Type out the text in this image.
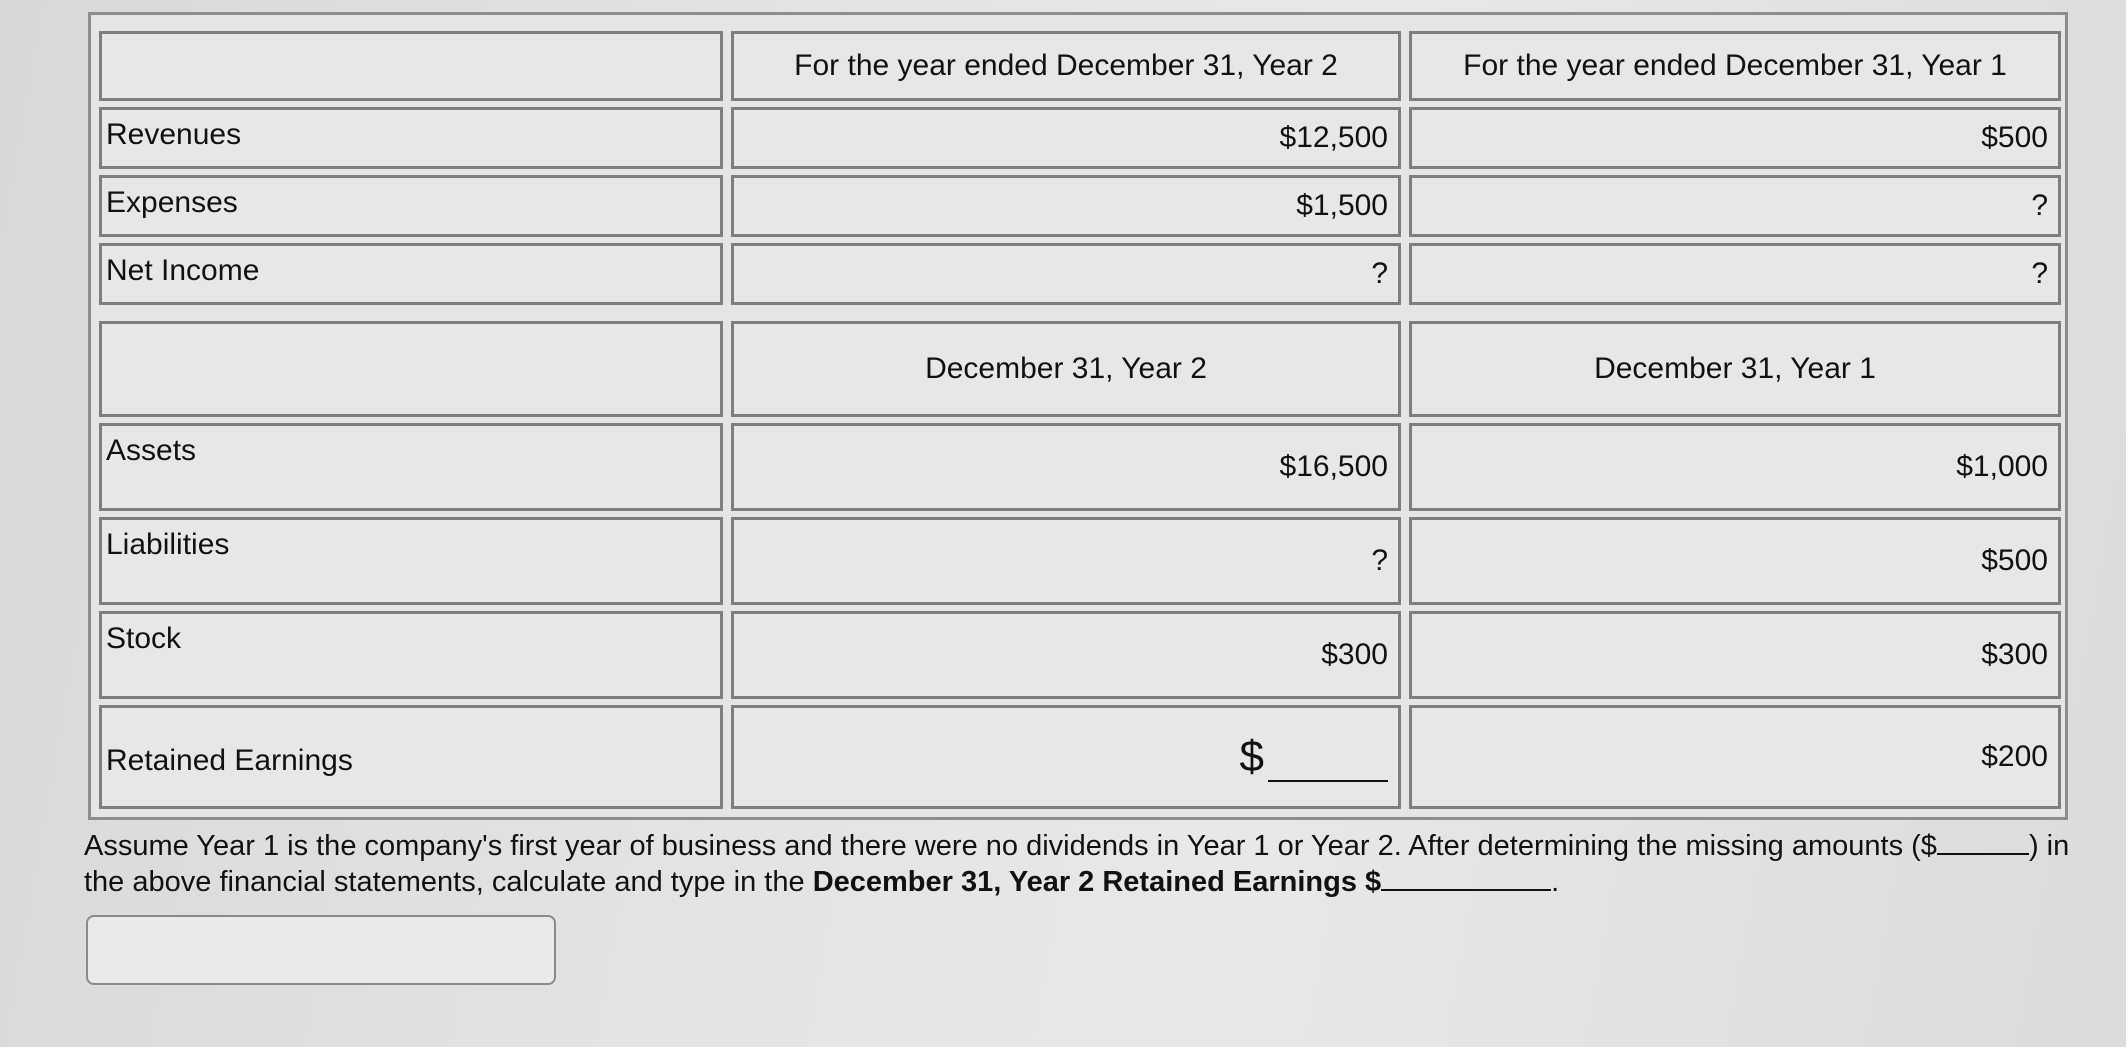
	For the year ended December 31, Year 2	For the year ended December 31, Year 1
Revenues	$12,500	$500
Expenses	$1,500	?
Net Income	?	?
	December 31, Year 2	December 31, Year 1
Assets	$16,500	$1,000
Liabilities	?	$500
Stock	$300	$300
Retained Earnings	$	$200
Assume Year 1 is the company's first year of business and there were no dividends in Year 1 or Year 2. After determining the missing amounts ($	) in the above financial statements, calculate and type in the December 31, Year 2 Retained Earnings $	.
